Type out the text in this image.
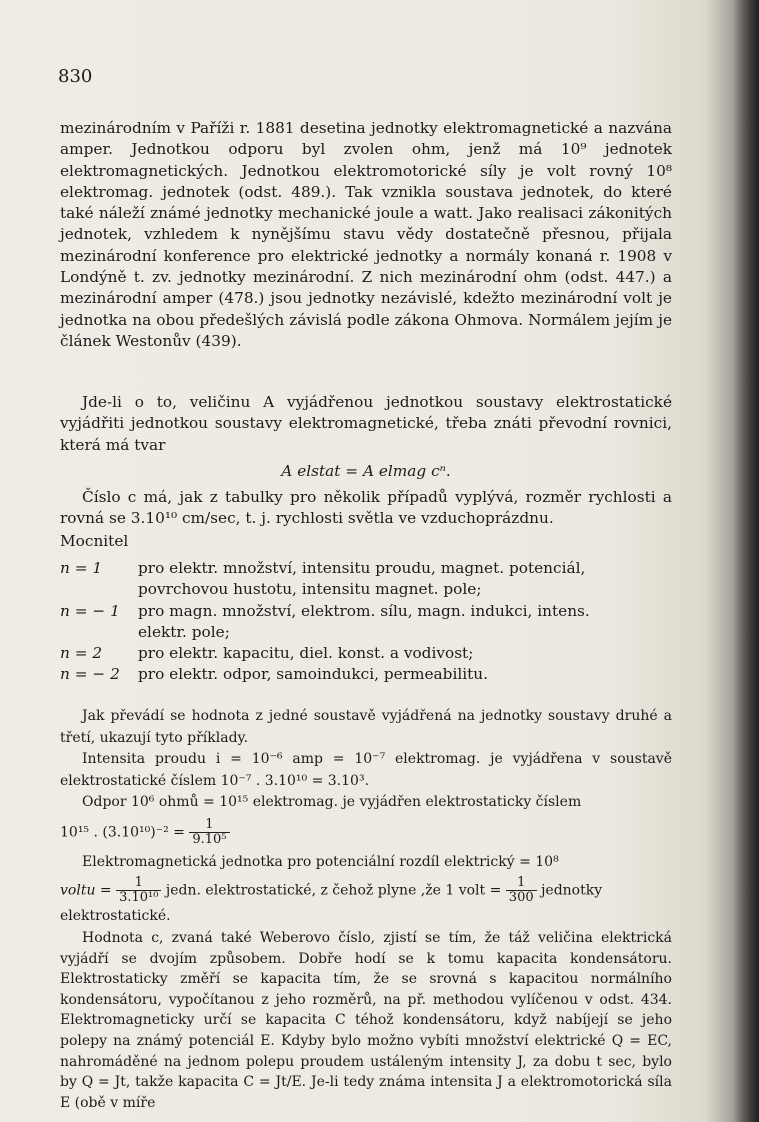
830

mezinárodním v Paříži r. 1881 desetina jednotky elektromagnetické a nazvána amper. Jednotkou odporu byl zvolen ohm, jenž má 10⁹ jednotek elektromagnetických. Jednotkou elektromotorické síly je volt rovný 10⁸ elektromag. jednotek (odst. 489.). Tak vznikla soustava jednotek, do které také náleží známé jednotky mechanické joule a watt. Jako realisaci zákonitých jednotek, vzhledem k nynějšímu stavu vědy dostatečně přesnou, přijala mezinárodní konference pro elektrické jednotky a normály konaná r. 1908 v Londýně t. zv. jednotky mezinárodní. Z nich mezinárodní ohm (odst. 447.) a mezinárodní amper (478.) jsou jednotky nezávislé, kdežto mezinárodní volt je jednotka na obou předešlých závislá podle zákona Ohmova. Normálem jejím je článek Westonův (439).

Jde-li o to, veličinu A vyjádřenou jednotkou soustavy elektrostatické vyjádřiti jednotkou soustavy elektromagnetické, třeba znáti převodní rovnici, která má tvar

A elstat = A elmag cⁿ.

Číslo c má, jak z tabulky pro několik případů vyplývá, rozměr rychlosti a rovná se 3.10¹⁰ cm/sec, t. j. rychlosti světla ve vzduchoprázdnu.

Mocnitel
n = 1	pro elektr. množství, intensitu proudu, magnet. potenciál,
povrchovou hustotu, intensitu magnet. pole;
n = − 1	pro magn. množství, elektrom. sílu, magn. indukci, intens.
elektr. pole;
n = 2	pro elektr. kapacitu, diel. konst. a vodivost;
n = − 2	pro elektr. odpor, samoindukci, permeabilitu.

Jak převádí se hodnota z jedné soustavě vyjádřená na jednotky soustavy druhé a třetí, ukazují tyto příklady.

Intensita proudu i = 10⁻⁶ amp = 10⁻⁷ elektromag. je vyjádřena v soustavě elektrostatické číslem 10⁻⁷ . 3.10¹⁰ = 3.10³.

Odpor 10⁶ ohmů = 10¹⁵ elektromag. je vyjádřen elektrostaticky číslem

10¹⁵ . $(3.10^{10})^{-2} = \frac{1}{\text{9.10⁵}}$

Elektromagnetická jednotka pro potenciální rozdíl elektrický = 10⁸

voltu = $\frac{1}{\text{3.10¹⁰}}$ jedn. elektrostatické, z čehož plyne ,že 1 volt = $\frac{1}{300}$ jednotky

elektrostatické.

Hodnota c, zvaná také Weberovo číslo, zjistí se tím, že táž veličina elektrická vyjádří se dvojím způsobem. Dobře hodí se k tomu kapacita kondensátoru. Elektrostaticky změří se kapacita tím, že se srovná s kapacitou normálního kondensátoru, vypočítanou z jeho rozměrů, na př. methodou vylíčenou v odst. 434. Elektromagneticky určí se kapacita C téhož kondensátoru, když nabíjejí se jeho polepy na známý potenciál E. Kdyby bylo možno vybíti množství elektrické Q = EC, nahromáděné na jednom polepu proudem ustáleným intensity J, za dobu t sec, bylo by Q = Jt, takže kapacita C = Jt/E. Je-li tedy známa intensita J a elektromotorická síla E (obě v míře
